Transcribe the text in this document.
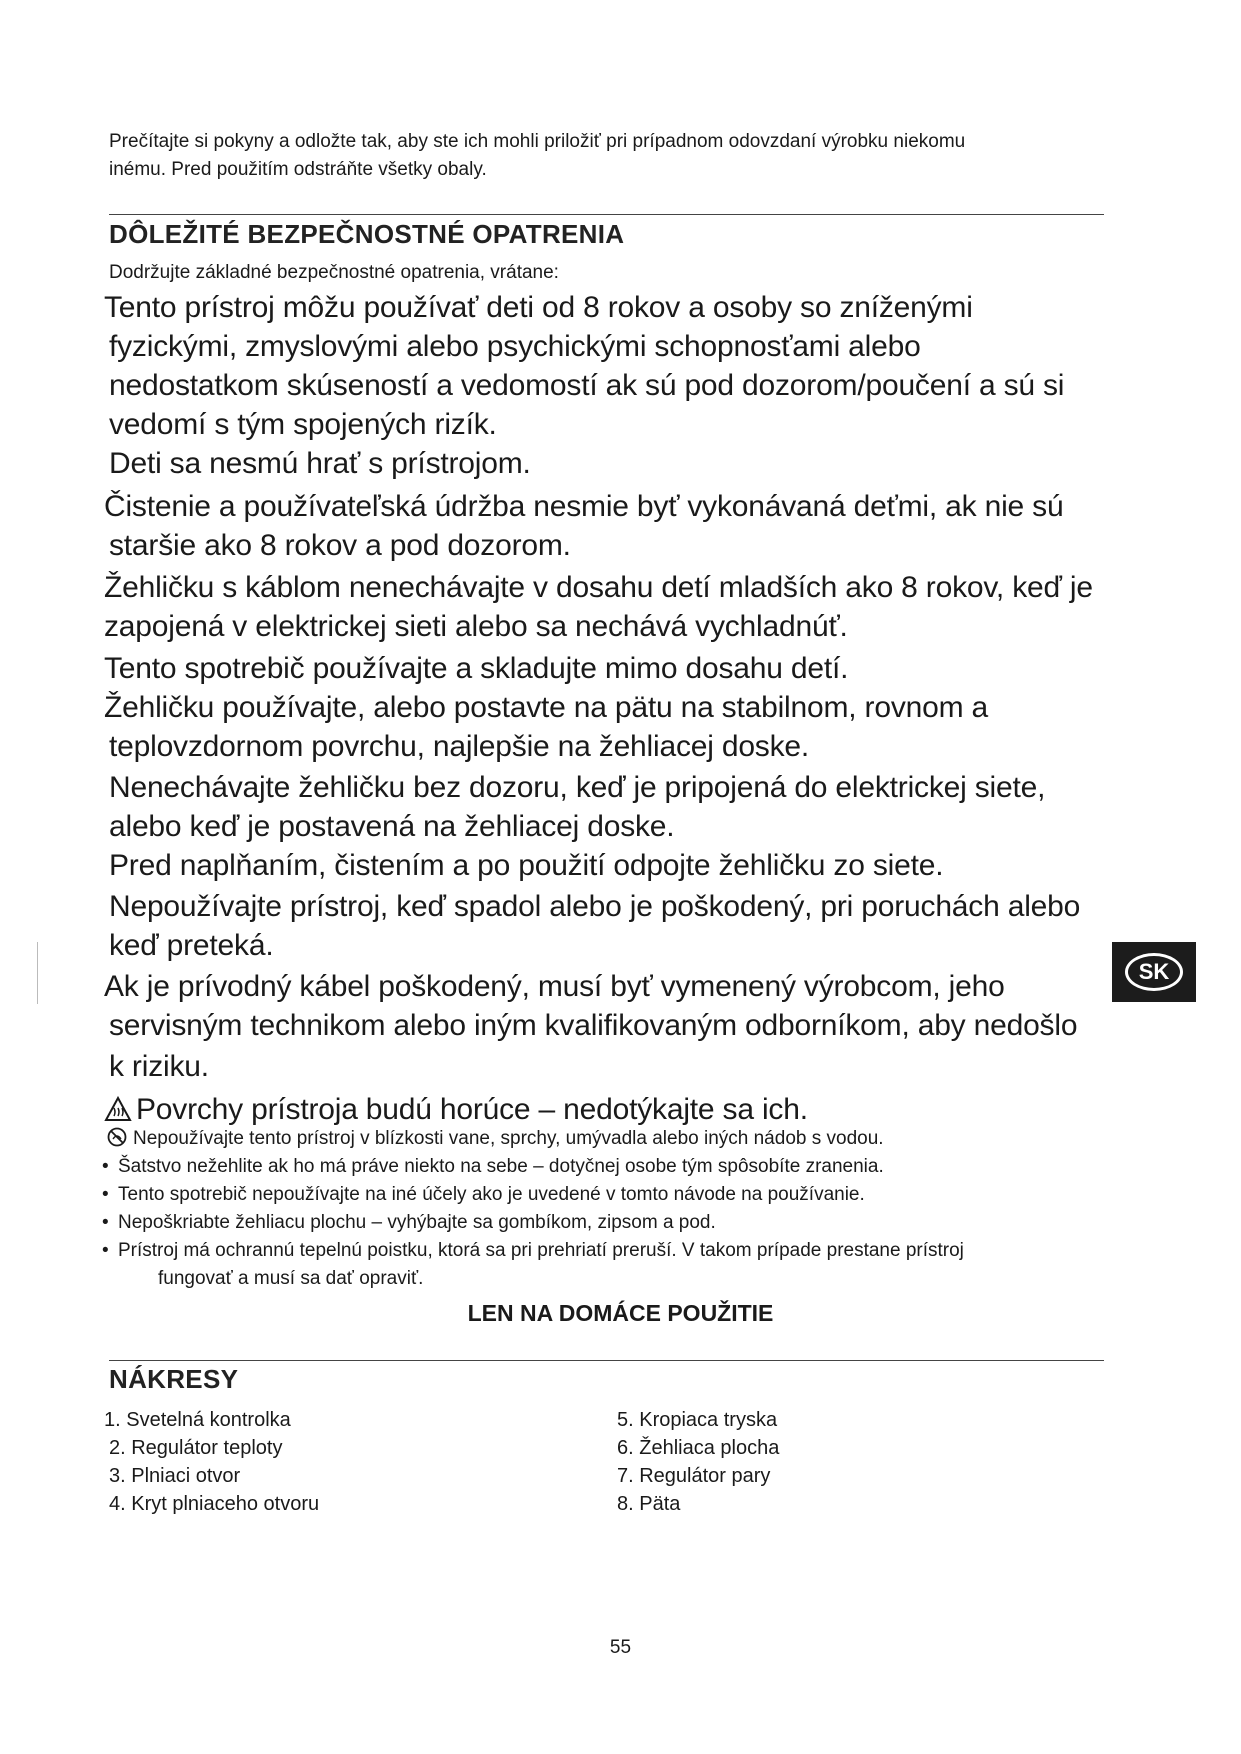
Prečítajte si pokyny a odložte tak, aby ste ich mohli priložiť pri prípadnom odovzdaní výrobku niekomu
inému. Pred použitím odstráňte všetky obaly.
DÔLEŽITÉ BEZPEČNOSTNÉ OPATRENIA
Dodržujte základné bezpečnostné opatrenia, vrátane:
Tento prístroj môžu používať deti od 8 rokov a osoby so zníženými
fyzickými, zmyslovými alebo psychickými schopnosťami alebo
nedostatkom skúseností a vedomostí ak sú pod dozorom/poučení a sú si
vedomí s tým spojených rizík.
Deti sa nesmú hrať s prístrojom.
Čistenie a používateľská údržba nesmie byť vykonávaná deťmi, ak nie sú
staršie ako 8 rokov a pod dozorom.
Žehličku s káblom nenechávajte v dosahu detí mladších ako 8 rokov, keď je
zapojená v elektrickej sieti alebo sa nechává vychladnúť.
Tento spotrebič používajte a skladujte mimo dosahu detí.
Žehličku používajte, alebo postavte na pätu na stabilnom, rovnom a
teplovzdornom povrchu, najlepšie na žehliacej doske.
Nenechávajte žehličku bez dozoru, keď je pripojená do elektrickej siete,
alebo keď je postavená na žehliacej doske.
Pred naplňaním, čistením a po použití odpojte žehličku zo siete.
Nepoužívajte prístroj, keď spadol alebo je poškodený, pri poruchách alebo
keď preteká.
Ak je prívodný kábel poškodený, musí byť vymenený výrobcom, jeho
servisným technikom alebo iným kvalifikovaným odborníkom, aby nedošlo
k riziku.
Povrchy prístroja budú horúce – nedotýkajte sa ich.
Nepoužívajte tento prístroj v blízkosti vane, sprchy, umývadla alebo iných nádob s vodou.
• Šatstvo nežehlite ak ho má práve niekto na sebe – dotyčnej osobe tým spôsobíte zranenia.
• Tento spotrebič nepoužívajte na iné účely ako je uvedené v tomto návode na používanie.
• Nepoškriabte žehliacu plochu – vyhýbajte sa gombíkom, zipsom a pod.
• Prístroj má ochrannú tepelnú poistku, ktorá sa pri prehriatí preruší. V takom prípade prestane prístroj
fungovať a musí sa dať opraviť.
LEN NA DOMÁCE POUŽITIE
NÁKRESY
1. Svetelná kontrolka
2. Regulátor teploty
3. Plniaci otvor
4. Kryt plniaceho otvoru
5. Kropiaca tryska
6. Žehliaca plocha
7. Regulátor pary
8. Päta
SK
55
